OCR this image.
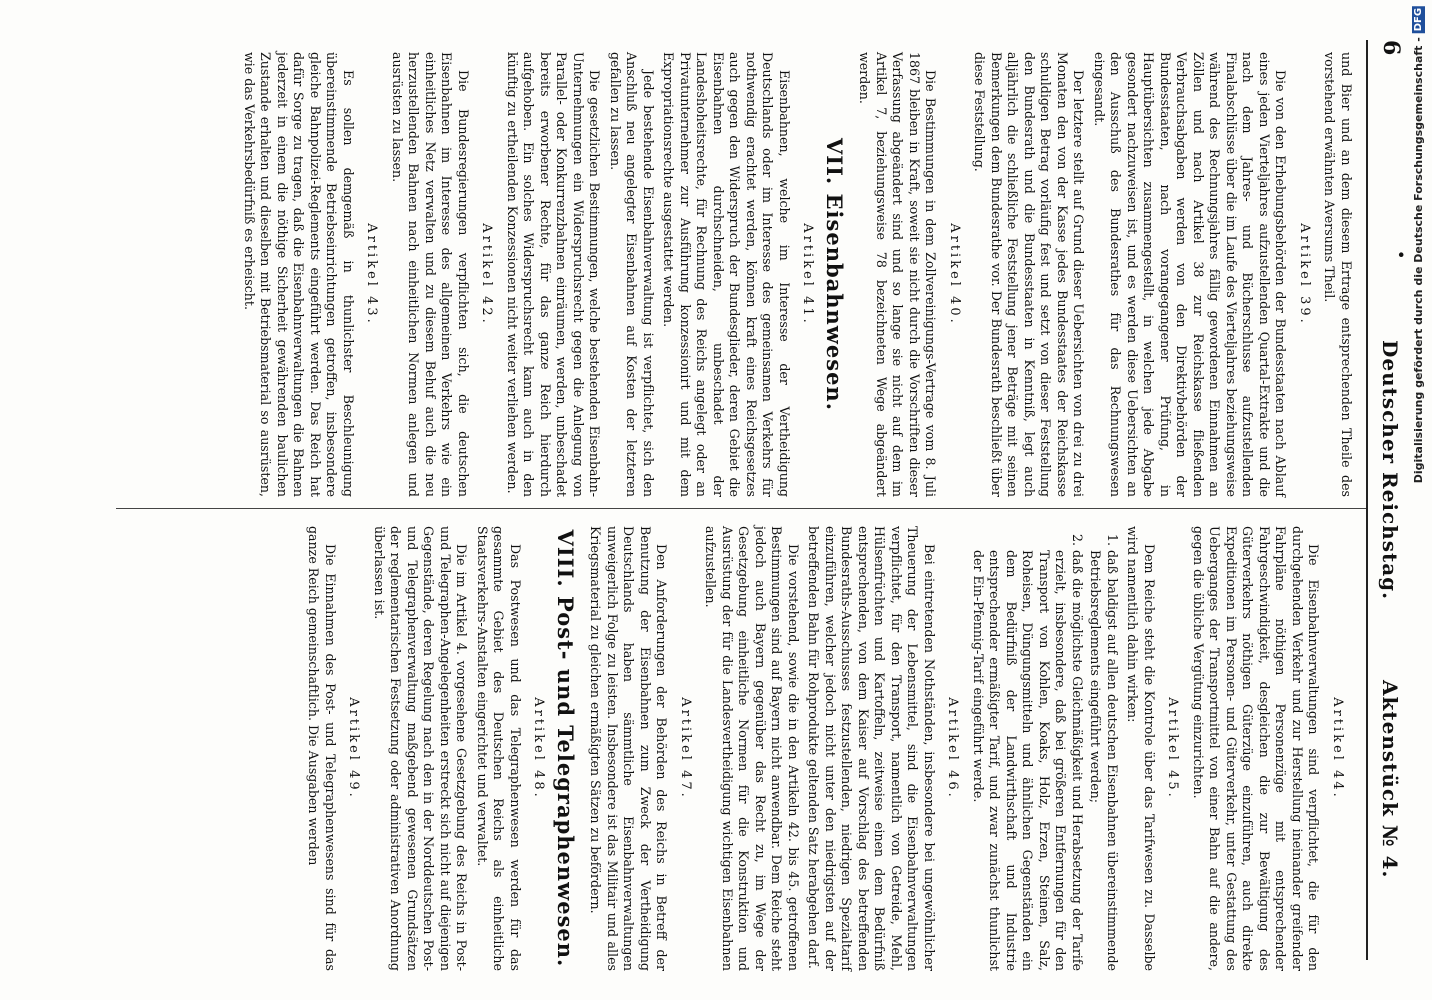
6
•
Deutscher Reichstag.
Aktenstück № 4.

und Bier und an dem diesem Ertrage entsprechenden Theile des vorstehend erwähnten Aversums Theil.

Artikel 39.

Die von den Erhebungsbehörden der Bundesstaaten nach Ablauf eines jeden Vierteljahres aufzustellenden Quartal-Extrakte und die nach dem Jahres- und Bücherschlusse aufzustellenden Finalabschlüsse über die im Laufe des Vierteljahres beziehungsweise während des Rechnungsjahres fällig gewordenen Einnahmen an Zöllen und nach Artikel 38 zur Reichskasse fließenden Verbrauchsabgaben werden von den Direktivbehörden der Bundesstaaten, nach vorangegangener Prüfung, in Hauptübersichten zusammengestellt, in welchen jede Abgabe gesondert nachzuweisen ist, und es werden diese Uebersichten an den Ausschuß des Bundesrathes für das Rechnungswesen eingesandt.

Der letztere stellt auf Grund dieser Uebersichten von drei zu drei Monaten den von der Kasse jedes Bundesstaates der Reichskasse schuldigen Betrag vorläufig fest und setzt von dieser Feststellung den Bundesrath und die Bundesstaaten in Kenntniß, legt auch alljährlich die schließliche Feststellung jener Beträge mit seinen Bemerkungen dem Bundesrathe vor. Der Bundesrath beschließt über diese Feststellung.

Artikel 40.

Die Bestimmungen in dem Zollvereinigungs-Vertrage vom 8. Juli 1867 bleiben in Kraft, soweit sie nicht durch die Vorschriften dieser Verfassung abgeändert sind und so lange sie nicht auf dem im Artikel 7, beziehungsweise 78 bezeichneten Wege abgeändert werden.

VII. Eisenbahnwesen.
Artikel 41.

Eisenbahnen, welche im Interesse der Vertheidigung Deutschlands oder im Interesse des gemeinsamen Verkehrs für nothwendig erachtet werden, können kraft eines Reichsgesetzes auch gegen den Widerspruch der Bundesglieder, deren Gebiet die Eisenbahnen durchschneiden, unbeschadet der Landeshoheitsrechte, für Rechnung des Reichs angelegt oder an Privatunternehmer zur Ausführung konzessionirt und mit dem Expropriationsrechte ausgestattet werden.

Jede bestehende Eisenbahnverwaltung ist verpflichtet, sich den Anschluß neu angelegter Eisenbahnen auf Kosten der letzteren gefallen zu lassen.

Die gesetzlichen Bestimmungen, welche bestehenden Eisenbahn-Unternehmungen ein Widerspruchsrecht gegen die Anlegung von Parallel- oder Konkurrenzbahnen einräumen, werden, unbeschadet bereits erworbener Rechte, für das ganze Reich hierdurch aufgehoben. Ein solches Widerspruchsrecht kann auch in den künftig zu ertheilenden Konzessionen nicht weiter verliehen werden.

Artikel 42.

Die Bundesregierungen verpflichten sich, die deutschen Eisenbahnen im Interesse des allgemeinen Verkehrs wie ein einheitliches Netz verwalten und zu diesem Behuf auch die neu herzustellenden Bahnen nach einheitlichen Normen anlegen und ausrüsten zu lassen.

Artikel 43.

Es sollen demgemäß in thunlichster Beschleunigung übereinstimmende Betriebseinrichtungen getroffen, insbesondere gleiche Bahnpolizei-Reglements eingeführt werden. Das Reich hat dafür Sorge zu tragen, daß die Eisenbahnverwaltungen die Bahnen jederzeit in einem die nöthige Sicherheit gewährenden baulichen Zustande erhalten und dieselben mit Betriebsmaterial so ausrüsten, wie das Verkehrsbedürfniß es erheischt.

Artikel 44.

Die Eisenbahnverwaltungen sind verpflichtet, die für den durchgehenden Verkehr und zur Herstellung ineinander greifender Fahrpläne nöthigen Personenzüge mit entsprechender Fahrgeschwindigkeit, desgleichen die zur Bewältigung des Güterverkehrs nöthigen Güterzüge einzuführen, auch direkte Expeditionen im Personen- und Güterverkehr, unter Gestattung des Ueberganges der Transportmittel von einer Bahn auf die andere, gegen die übliche Vergütung einzurichten.

Artikel 45.

Dem Reiche steht die Kontrole über das Tarifwesen zu. Dasselbe wird namentlich dahin wirken:

1. daß baldigst auf allen deutschen Eisenbahnen übereinstimmende Betriebsreglements eingeführt werden;
2. daß die möglichste Gleichmäßigkeit und Herabsetzung der Tarife erzielt, insbesondere, daß bei größeren Entfernungen für den Transport von Kohlen, Koaks, Holz, Erzen, Steinen, Salz, Roheisen, Düngungsmitteln und ähnlichen Gegenständen ein dem Bedürfniß der Landwirthschaft und Industrie entsprechender ermäßigter Tarif, und zwar zunächst thunlichst der Ein-Pfennig-Tarif eingeführt werde.
Artikel 46.

Bei eintretenden Nothständen, insbesondere bei ungewöhnlicher Theuerung der Lebensmittel, sind die Eisenbahnverwaltungen verpflichtet, für den Transport, namentlich von Getreide, Mehl, Hülsenfrüchten und Kartoffeln, zeitweise einen dem Bedürfniß entsprechenden, von dem Kaiser auf Vorschlag des betreffenden Bundesraths-Ausschusses festzustellenden, niedrigen Spezialtarif einzuführen, welcher jedoch nicht unter den niedrigsten auf der betreffenden Bahn für Rohprodukte geltenden Satz herabgehen darf.

Die vorstehend, sowie die in den Artikeln 42. bis 45. getroffenen Bestimmungen sind auf Bayern nicht anwendbar. Dem Reiche steht jedoch auch Bayern gegenüber das Recht zu, im Wege der Gesetzgebung einheitliche Normen für die Konstruktion und Ausrüstung der für die Landesvertheidigung wichtigen Eisenbahnen aufzustellen.

Artikel 47.

Den Anforderungen der Behörden des Reichs in Betreff der Benutzung der Eisenbahnen zum Zweck der Vertheidigung Deutschlands haben sämmtliche Eisenbahnverwaltungen unweigerlich Folge zu leisten. Insbesondere ist das Militair und alles Kriegsmaterial zu gleichen ermäßigten Sätzen zu befördern.

VIII. Post- und Telegraphenwesen.
Artikel 48.

Das Postwesen und das Telegraphenwesen werden für das gesammte Gebiet des Deutschen Reichs als einheitliche Staatsverkehrs-Anstalten eingerichtet und verwaltet.

Die im Artikel 4. vorgesehene Gesetzgebung des Reichs in Post- und Telegraphen-Angelegenheiten erstreckt sich nicht auf diejenigen Gegenstände, deren Regelung nach den in der Norddeutschen Post- und Telegraphenverwaltung maßgebend gewesenen Grundsätzen der reglementarischen Festsetzung oder administrativen Anordnung überlassen ist.

Artikel 49.

Die Einnahmen des Post- und Telegraphenwesens sind für das ganze Reich gemeinschaftlich. Die Ausgaben werden

Digitalisierung gefördert durch die Deutsche Forschungsgemeinschaft - DFG
